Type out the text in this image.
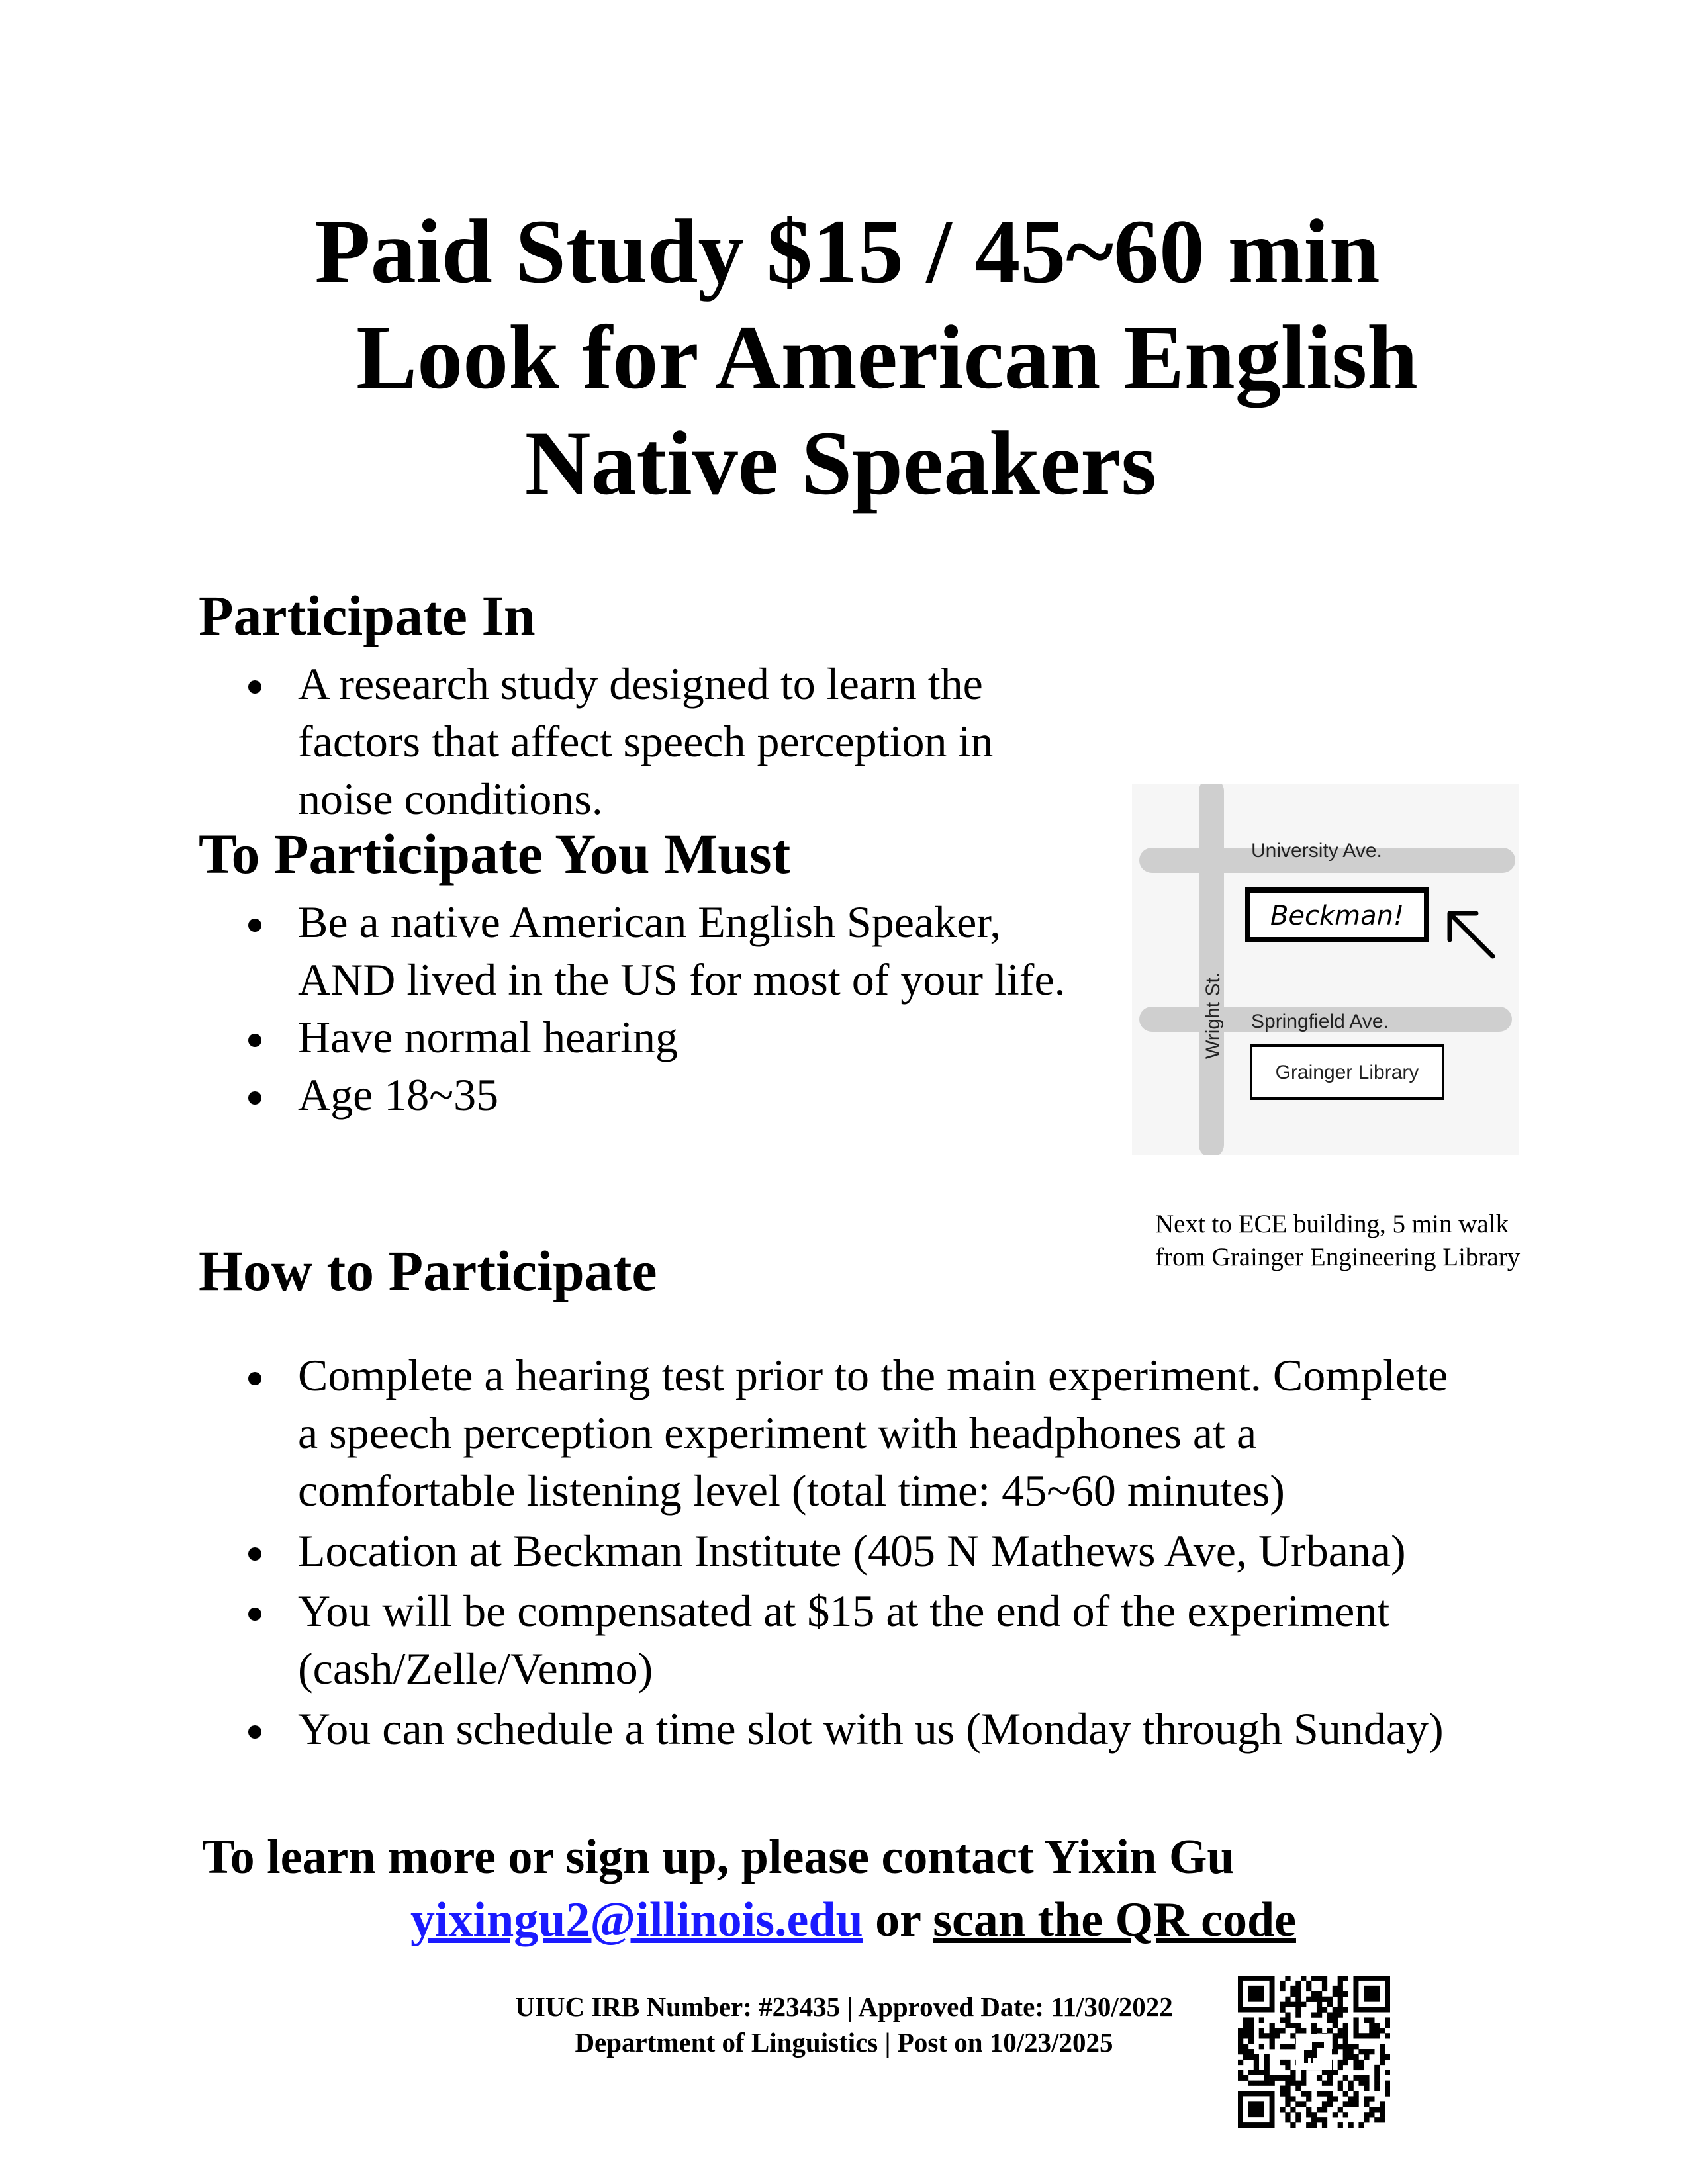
Paid Study $15 / 45~60 min
Look for American English
Native Speakers
Participate In
A research study designed to learn the factors that affect speech perception in noise conditions.
To Participate You Must
Be a native American English Speaker, AND lived in the US for most of your life.
Have normal hearing
Age 18~35
University Ave.
Springfield Ave.
Wright St.
Beckman!
Grainger Library
Next to ECE building, 5 min walk
from Grainger Engineering Library
How to Participate
Complete a hearing test prior to the main experiment. Complete a speech perception experiment with headphones at a comfortable listening level (total time: 45~60 minutes)
Location at Beckman Institute (405 N Mathews Ave, Urbana)
You will be compensated at $15 at the end of the experiment (cash/Zelle/Venmo)
You can schedule a time slot with us (Monday through Sunday)
To learn more or sign up, please contact Yixin Gu
yixingu2@illinois.edu or scan the QR code
UIUC IRB Number: #23435 | Approved Date: 11/30/2022
Department of Linguistics | Post on 10/23/2025
